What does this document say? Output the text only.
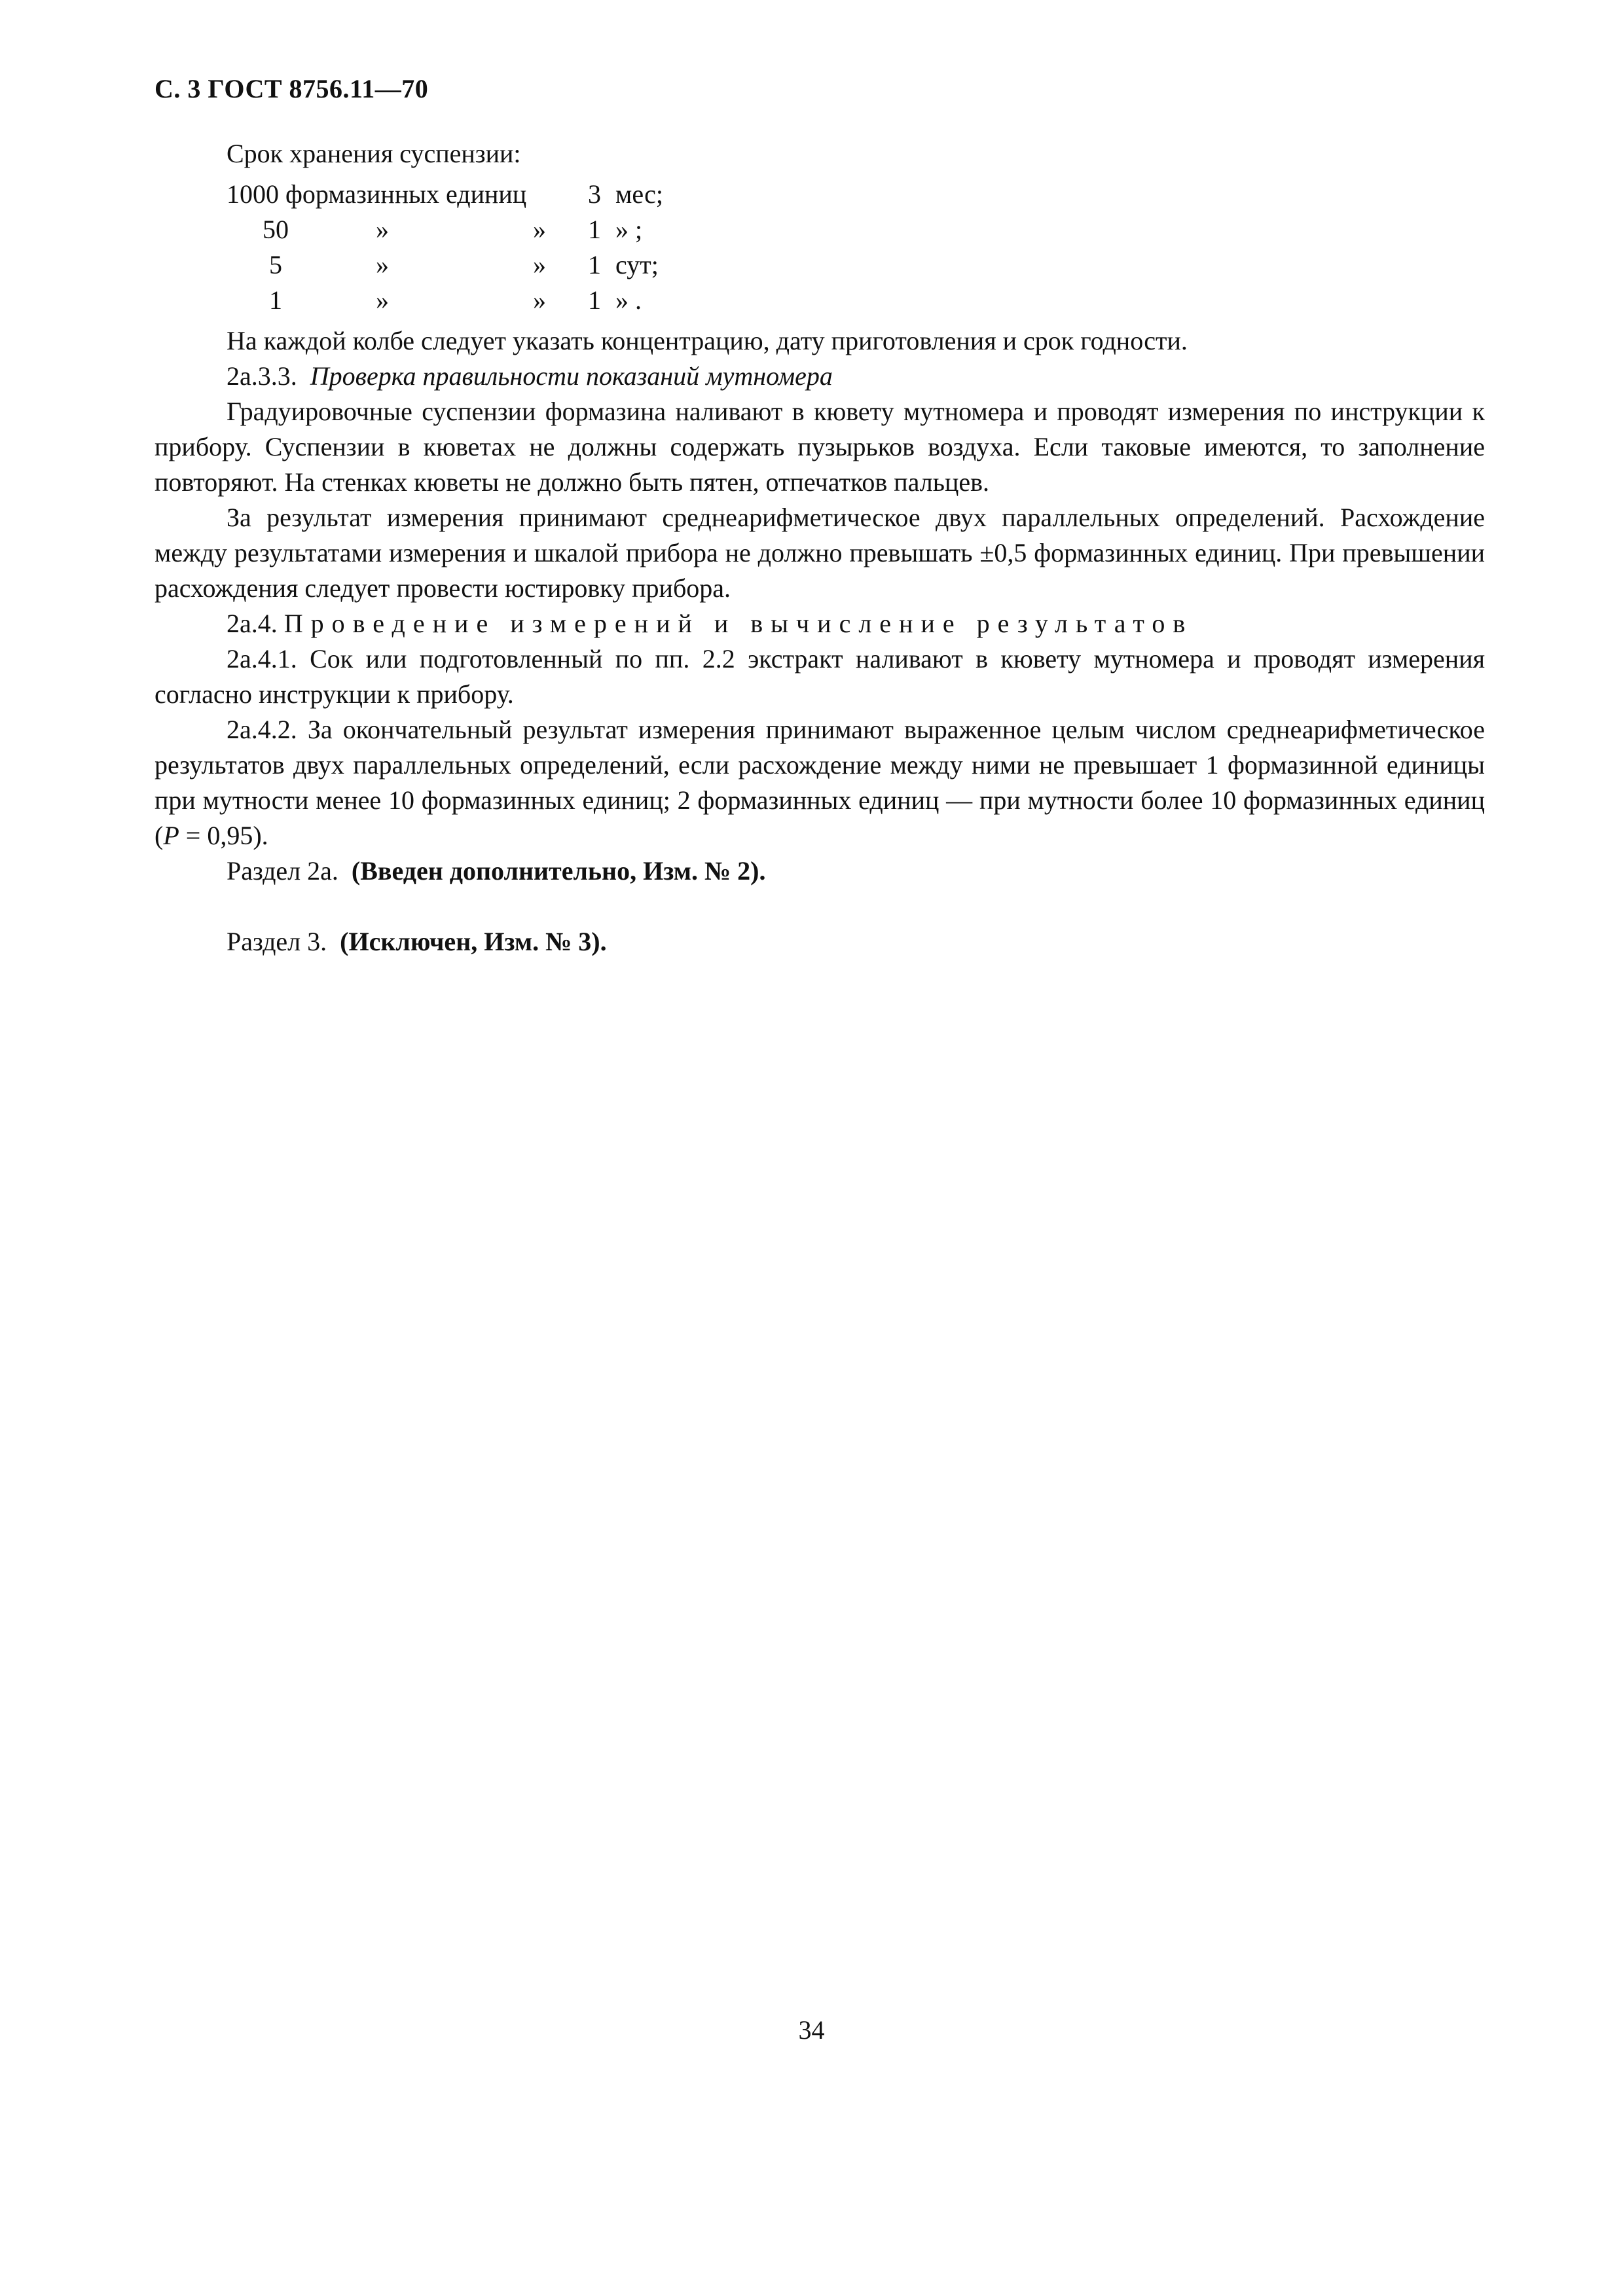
С. 3 ГОСТ 8756.11—70

Срок хранения суспензии:

1000 формазинных единиц 3 мес;
50	»	» 1 » ;
5	»	» 1 сут;
1	»	» 1 » .

На каждой колбе следует указать концентрацию, дату приготовления и срок годности.

2а.3.3. Проверка правильности показаний мутномера

Градуировочные суспензии формазина наливают в кювету мутномера и проводят измерения по инструкции к прибору. Суспензии в кюветах не должны содержать пузырьков воздуха. Если таковые имеются, то заполнение повторяют. На стенках кюветы не должно быть пятен, отпечатков пальцев.

За результат измерения принимают среднеарифметическое двух параллельных определений. Расхождение между результатами измерения и шкалой прибора не должно превышать ±0,5 формазинных единиц. При превышении расхождения следует провести юстировку прибора.

2а.4. Проведение измерений и вычисление результатов

2а.4.1. Сок или подготовленный по пп. 2.2 экстракт наливают в кювету мутномера и проводят измерения согласно инструкции к прибору.

2а.4.2. За окончательный результат измерения принимают выраженное целым числом среднеарифметическое результатов двух параллельных определений, если расхождение между ними не превышает 1 формазинной единицы при мутности менее 10 формазинных единиц; 2 формазинных единиц — при мутности более 10 формазинных единиц (P = 0,95).

Раздел 2а. (Введен дополнительно, Изм. № 2).

Раздел 3. (Исключен, Изм. № 3).

34
